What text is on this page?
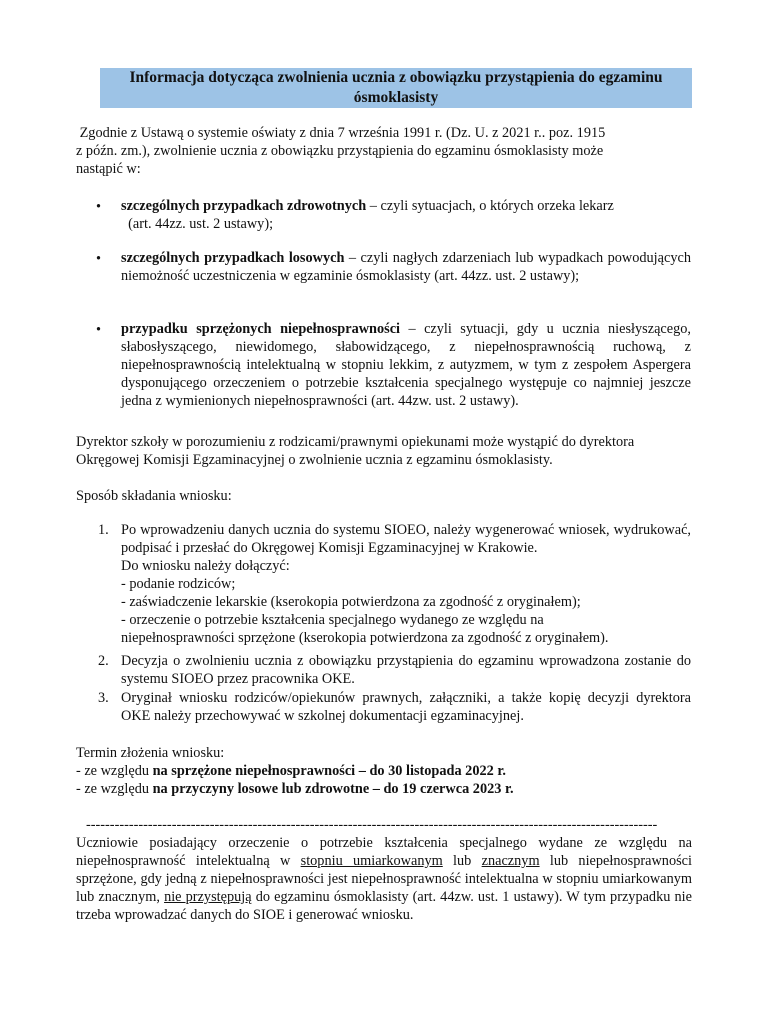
Informacja dotycząca zwolnienia ucznia z obowiązku przystąpienia do egzaminu ósmoklasisty
Zgodnie z Ustawą o systemie oświaty z dnia 7 września 1991 r. (Dz. U. z 2021 r.. poz. 1915
z późn. zm.), zwolnienie ucznia z obowiązku przystąpienia do egzaminu ósmoklasisty może
nastąpić w:
•	szczególnych przypadkach zdrowotnych – czyli sytuacjach, o których orzeka lekarz
(art. 44zz. ust. 2 ustawy);
•	szczególnych przypadkach losowych – czyli nagłych zdarzeniach lub wypadkach powodujących niemożność uczestniczenia w egzaminie ósmoklasisty (art. 44zz. ust. 2 ustawy);
•	przypadku sprzężonych niepełnosprawności – czyli sytuacji, gdy u ucznia niesłyszącego, słabosłyszącego, niewidomego, słabowidzącego, z niepełnosprawnością ruchową, z niepełnosprawnością intelektualną w stopniu lekkim, z autyzmem, w tym z zespołem Aspergera dysponującego orzeczeniem o potrzebie kształcenia specjalnego występuje co najmniej jeszcze jedna z wymienionych niepełnosprawności (art. 44zw. ust. 2 ustawy).
Dyrektor szkoły w porozumieniu z rodzicami/prawnymi opiekunami może wystąpić do dyrektora
Okręgowej Komisji Egzaminacyjnej o zwolnienie ucznia z egzaminu ósmoklasisty.
Sposób składania wniosku:
1. Po wprowadzeniu danych ucznia do systemu SIOEO, należy wygenerować wniosek, wydrukować, podpisać i przesłać do Okręgowej Komisji Egzaminacyjnej w Krakowie.
Do wniosku należy dołączyć:
- podanie rodziców;
- zaświadczenie lekarskie (kserokopia potwierdzona za zgodność z oryginałem);
- orzeczenie o potrzebie kształcenia specjalnego wydanego ze względu na
niepełnosprawności sprzężone (kserokopia potwierdzona za zgodność z oryginałem).
2. Decyzja o zwolnieniu ucznia z obowiązku przystąpienia do egzaminu wprowadzona zostanie do systemu SIOEO przez pracownika OKE.
3. Oryginał wniosku rodziców/opiekunów prawnych, załączniki, a także kopię decyzji dyrektora OKE należy przechowywać w szkolnej dokumentacji egzaminacyjnej.
Termin złożenia wniosku:
- ze względu na sprzężone niepełnosprawności – do 30 listopada 2022 r.
- ze względu na przyczyny losowe lub zdrowotne – do 19 czerwca 2023 r.
------------------------------------------------------------------------------------------------------------------------
Uczniowie posiadający orzeczenie o potrzebie kształcenia specjalnego wydane ze względu na niepełnosprawność intelektualną w stopniu umiarkowanym lub znacznym lub niepełnosprawności sprzężone, gdy jedną z niepełnosprawności jest niepełnosprawność intelektualna w stopniu umiarkowanym lub znacznym, nie przystępują do egzaminu ósmoklasisty (art. 44zw. ust. 1 ustawy). W tym przypadku nie trzeba wprowadzać danych do SIOE i generować wniosku.
